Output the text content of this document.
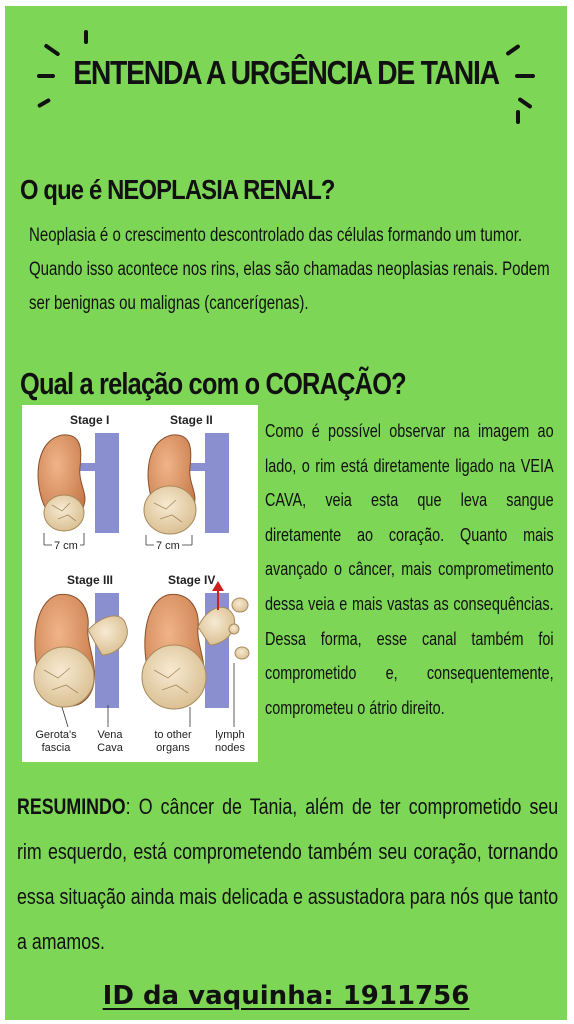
ENTENDA A URGÊNCIA DE TANIA
O que é NEOPLASIA RENAL?

Neoplasia é o crescimento descontrolado das células formando um tumor. Quando isso acontece nos rins, elas são chamadas neoplasias renais. Podem ser benignas ou malignas (cancerígenas).

Qual a relação com o CORAÇÃO?
Stage I	Stage II
Stage III	Stage IV
7 cm	7 cm
Gerota's
fascia
Vena
Cava
to other
organs
lymph
nodes

Como é possível observar na imagem ao lado, o rim está diretamente ligado na VEIA CAVA, veia esta que leva sangue diretamente ao coração. Quanto mais avançado o câncer, mais comprometimento dessa veia e mais vastas as consequências. Dessa forma, esse canal também foi comprometido e, consequentemente, comprometeu o átrio direito.

RESUMINDO: O câncer de Tania, além de ter comprometido seu rim esquerdo, está comprometendo também seu coração, tornando essa situação ainda mais delicada e assustadora para nós que tanto a amamos.

ID da vaquinha: 1911756
